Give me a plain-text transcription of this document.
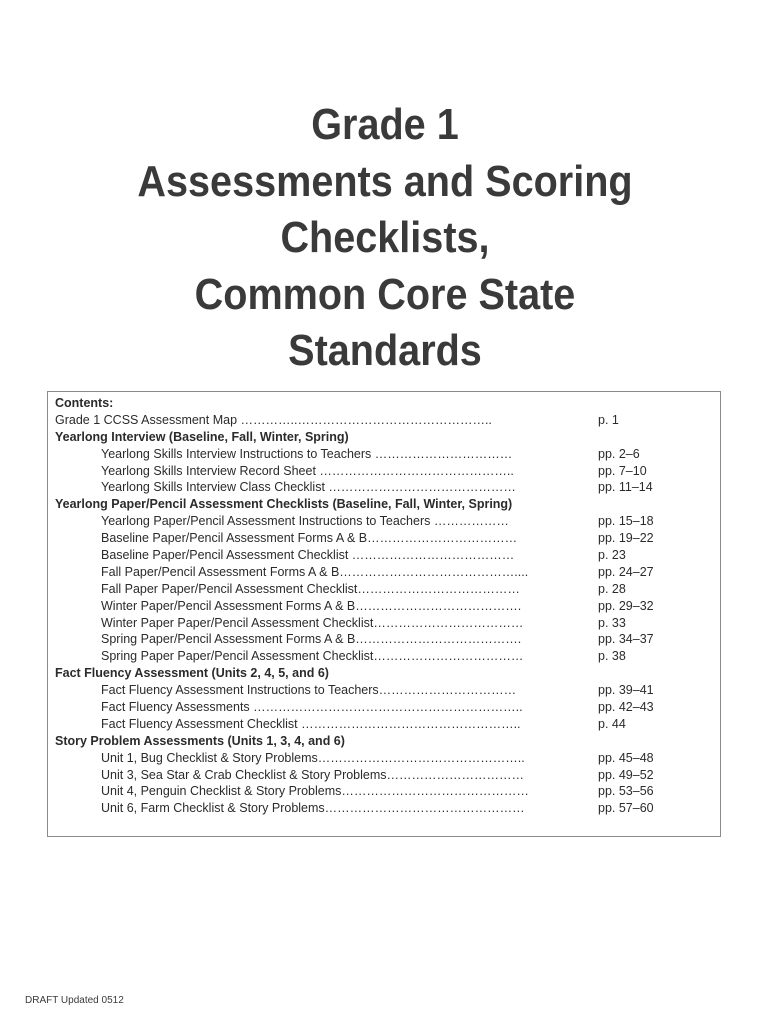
Grade 1
Assessments and Scoring
Checklists,
Common Core State
Standards
Contents:
Grade 1 CCSS Assessment Map …………..………………………………………..	p. 1
Yearlong Interview (Baseline, Fall, Winter, Spring)
Yearlong Skills Interview Instructions to Teachers ……………………………	pp. 2–6
Yearlong Skills Interview Record Sheet ………………………………………..	pp. 7–10
Yearlong Skills Interview Class Checklist ………………………………………	pp. 11–14
Yearlong Paper/Pencil Assessment Checklists (Baseline, Fall, Winter, Spring)
Yearlong Paper/Pencil Assessment Instructions to Teachers ………………	pp. 15–18
Baseline Paper/Pencil Assessment Forms A & B………………………………	pp. 19–22
Baseline Paper/Pencil Assessment Checklist …………………………………	p. 23
Fall Paper/Pencil Assessment Forms A & B……………………………………....	pp. 24–27
Fall Paper Paper/Pencil Assessment Checklist…………………………………	p. 28
Winter Paper/Pencil Assessment Forms A & B………………………………….	pp. 29–32
Winter Paper Paper/Pencil Assessment Checklist………………………………	p. 33
Spring Paper/Pencil Assessment Forms A & B………………………………….	pp. 34–37
Spring Paper Paper/Pencil Assessment Checklist………………………………	p. 38
Fact Fluency Assessment (Units 2, 4, 5, and 6)
Fact Fluency Assessment Instructions to Teachers……………………………	pp. 39–41
Fact Fluency Assessments ………………………………………………………..	pp. 42–43
Fact Fluency Assessment Checklist ……………………………………………..	p. 44
Story Problem Assessments (Units 1, 3, 4, and 6)
Unit 1, Bug Checklist & Story Problems…………………………………………..	pp. 45–48
Unit 3, Sea Star & Crab Checklist & Story Problems……………………………	pp. 49–52
Unit 4, Penguin Checklist & Story Problems………………………………………	pp. 53–56
Unit 6, Farm Checklist & Story Problems…………………………………………	pp. 57–60
DRAFT Updated 0512
